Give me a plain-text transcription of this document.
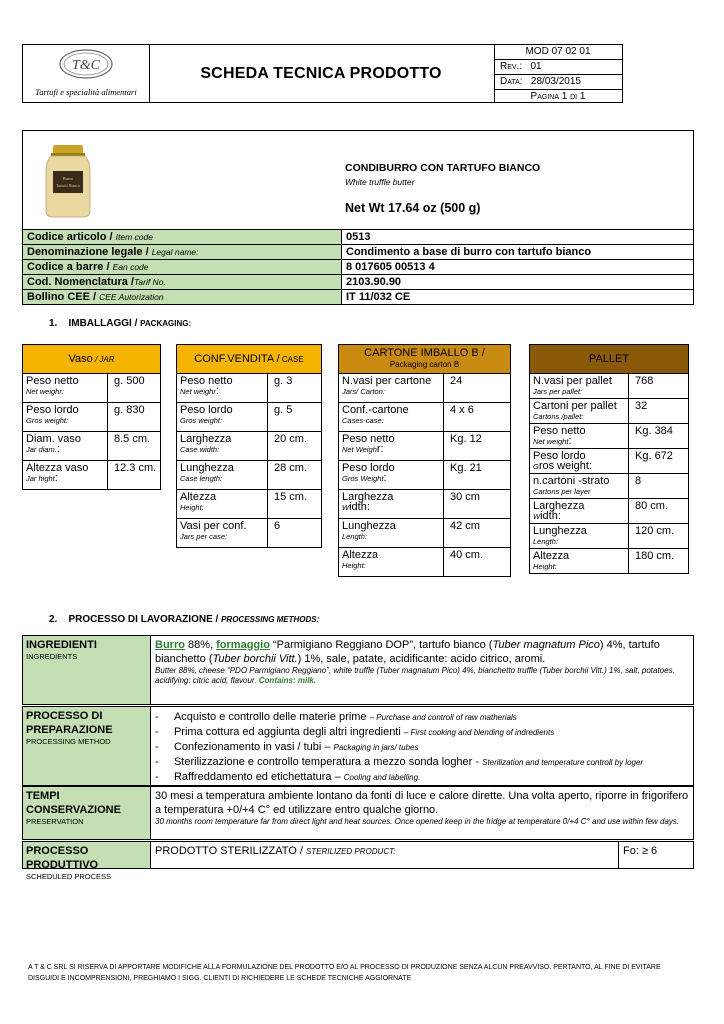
T&C
Tartufi e specialità alimentari
SCHEDA TECNICA PRODOTTO
MOD 07 02 01
Rev.: 01
Data: 28/03/2015
Pagina 1 di 1
Burro
Tartufo Bianco
CONDIBURRO CON TARTUFO BIANCO
White truffle butter
Net Wt 17.64 oz (500 g)
Codice articolo / Item code	0513
Denominazione legale / Legal name:	Condimento a base di burro con tartufo bianco
Codice a barre / Ean code	8 017605 00513 4
Cod. Nomenclatura /Tarif No.	2103.90.90
Bollino CEE / CEE Autorization	IT 11/032 CE
1. IMBALLAGGI / PACKAGING:
Vaso / JAR	
Peso netto
Net weighr:	g. 500
Peso lordo
Gros weight:	g. 830
Diam. vaso
Jar diam.:	8.5 cm.
Altezza vaso
Jar hight:	12.3 cm.
CONF.VENDITA / CASE	
Peso netto
Net weighr:	g. 3
Peso lordo
Gros weight:	g. 5
Larghezza
Case width:	20 cm.
Lunghezza
Case length:	28 cm.
Altezza
Height:	15 cm.
Vasi per conf.
Jars per case:	6
CARTONE IMBALLO B /
Packaging carton B	

N.vasi per cartone
Jars/ Carton:	24
Conf.-cartone
Cases-case:	4 x 6
Peso netto
Net Weighr:	Kg. 12
Peso lordo
Gros Weight:	Kg. 21
Larghezza
Width:	30 cm
Lunghezza
Length:	42 cm
Altezza
Height:	40 cm.
PALLET	
N.vasi per pallet
Jars per pallet:	768
Cartoni per pallet
Cartons /pallet:	32
Peso netto
Net weight:	Kg. 384
Peso lordo
Gros weight:	Kg. 672
n.cartoni -strato
Cartons per layer	8
Larghezza
Width:	80 cm.
Lunghezza
Length:	120 cm.
Altezza
Height:	180 cm.
2. PROCESSO DI LAVORAZIONE / PROCESSING METHODS:
INGREDIENTI
INGREDIENTS
Burro 88%, formaggio “Parmigiano Reggiano DOP”, tartufo bianco (Tuber magnatum Pico) 4%, tartufo bianchetto (Tuber borchii Vitt.) 1%, sale, patate, acidificante: acido citrico, aromi.
Butter 88%, cheese “PDO Parmigiano Reggiano”, white truffle (Tuber magnatum Pico) 4%, bianchetto truffle (Tuber borchii Vitt.) 1%, salt, potatoes, acidifying: citric acid, flavour. Contains: milk.
PROCESSO DI PREPARAZIONE
PROCESSING METHOD
-     Acquisto e controllo delle materie prime – Purchase and controll of raw matherials
-     Prima cottura ed aggiunta degli altri ingredienti – First cooking and blending of indredients
-     Confezionamento in vasi / tubi – Packaging in jars/ tubes
-     Sterilizzazione e controllo temperatura a mezzo sonda logher - Sterilization and temperature controll by loger
-     Raffreddamento ed etichettatura – Cooling and labelling.
TEMPI CONSERVAZIONE
PRESERVATION
30 mesi a temperatura ambiente lontano da fonti di luce e calore dirette. Una volta aperto, riporre in frigorifero a temperatura +0/+4 C° ed utilizzare entro qualche giorno.
30 months room temperature far from direct light and heat sources. Once opened keep in the fridge at temperature 0/+4 C° and use within few days.
PROCESSO PRODUTTIVO
SCHEDULED PROCESS
PRODOTTO STERILIZZATO / STERILIZED PRODUCT:	Fo: ≥ 6
A T & C SRL SI RISERVA DI APPORTARE MODIFICHE ALLA FORMULAZIONE DEL PRODOTTO E/O AL PROCESSO DI PRODUZIONE SENZA ALCUN PREAVVISO. PERTANTO, AL FINE DI EVITARE DISGUIDI E INCOMPRENSIONI, PREGHIAMO I SIGG. CLIENTI DI RICHIEDERE LE SCHEDE TECNICHE AGGIORNATE
